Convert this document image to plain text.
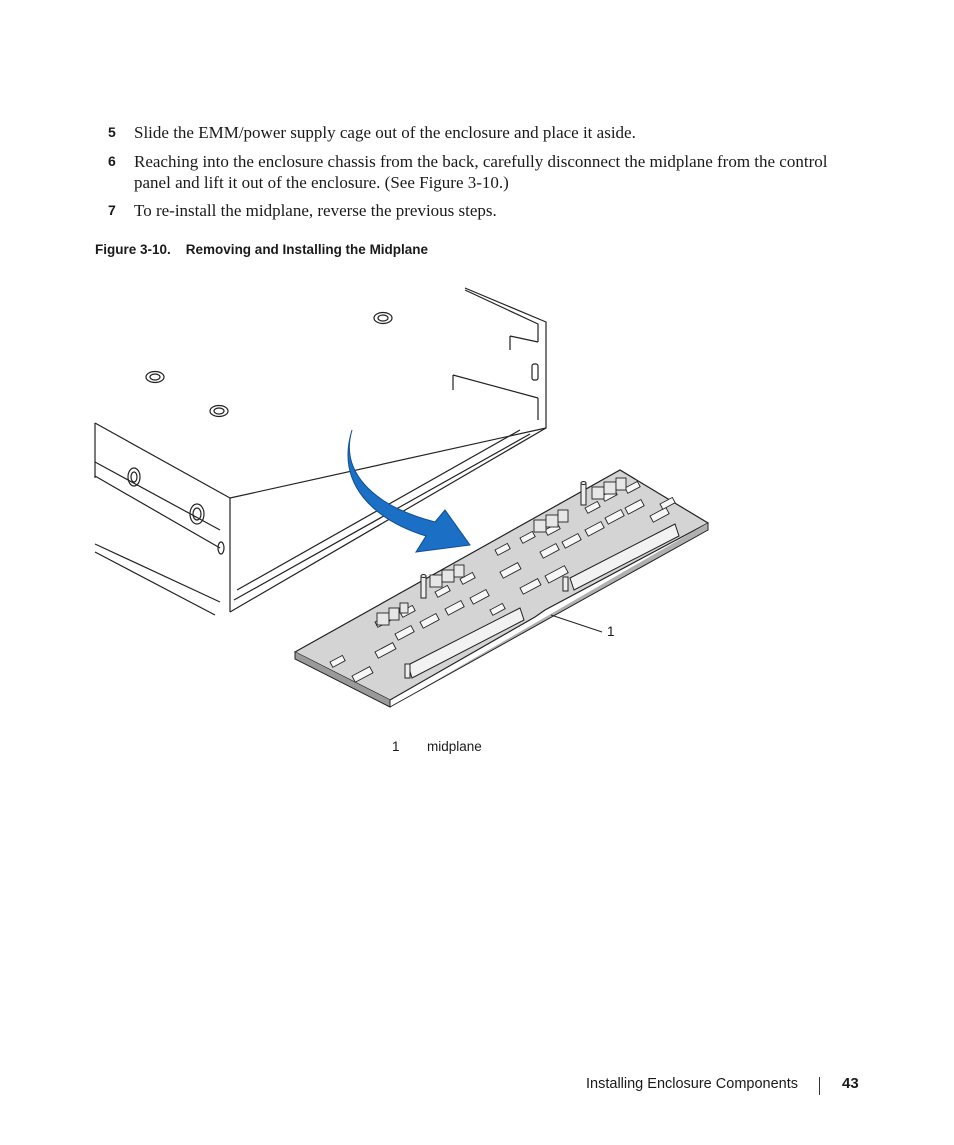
5	Slide the EMM/power supply cage out of the enclosure and place it aside.
6	Reaching into the enclosure chassis from the back, carefully disconnect the midplane from the control panel and lift it out of the enclosure. (See Figure 3-10.)
7	To re-install the midplane, reverse the previous steps.
Figure 3-10. Removing and Installing the Midplane
1
1 midplane
Installing Enclosure Components	43
